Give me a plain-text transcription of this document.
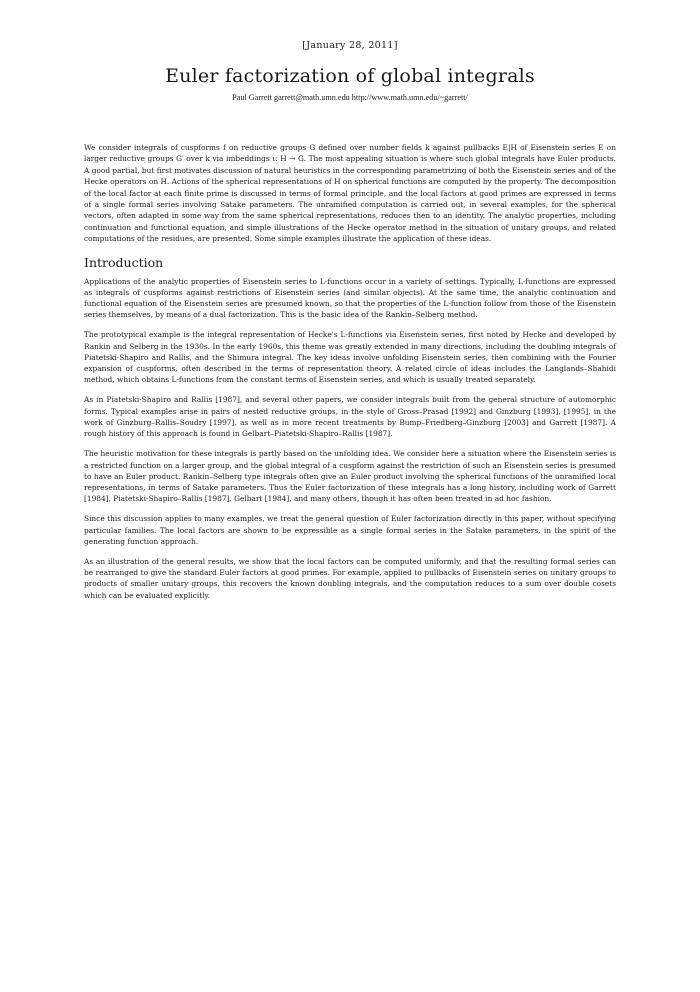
[January 28, 2011]

Euler factorization of global integrals

Paul Garrett garrett@math.umn.edu http://www.math.umn.edu/~garrett/

We consider integrals of cuspforms f on reductive groups G defined over number fields k against pullbacks E|H of Eisenstein series E on larger reductive groups G′ over k via imbeddings ι: H → G. The most appealing situation is where such global integrals have Euler products. A good partial, but first motivates discussion of natural heuristics in the corresponding parametrizing of both the Eisenstein series and of the Hecke operators on H. Actions of the spherical representations of H on spherical functions are computed by the property. The decomposition of the local factor at each finite prime is discussed in terms of formal principle, and the local factors at good primes are expressed in terms of a single formal series involving Satake parameters. The unramified computation is carried out, in several examples, for the spherical vectors, often adapted in some way from the same spherical representations, reduces then to an identity. The analytic properties, including continuation and functional equation, and simple illustrations of the Hecke operator method in the situation of unitary groups, and related computations of the residues, are presented. Some simple examples illustrate the application of these ideas.

Introduction

Applications of the analytic properties of Eisenstein series to L-functions occur in a variety of settings. Typically, L-functions are expressed as integrals of cuspforms against restrictions of Eisenstein series (and similar objects). At the same time, the analytic continuation and functional equation of the Eisenstein series are presumed known, so that the properties of the L-function follow from those of the Eisenstein series themselves, by means of a dual factorization. This is the basic idea of the Rankin–Selberg method.

The prototypical example is the integral representation of Hecke's L-functions via Eisenstein series, first noted by Hecke and developed by Rankin and Selberg in the 1930s. In the early 1960s, this theme was greatly extended in many directions, including the doubling integrals of Piatetski-Shapiro and Rallis, and the Shimura integral. The key ideas involve unfolding Eisenstein series, then combining with the Fourier expansion of cuspforms, often described in the terms of representation theory. A related circle of ideas includes the Langlands–Shahidi method, which obtains L-functions from the constant terms of Eisenstein series, and which is usually treated separately.

As in Piatetski-Shapiro and Rallis [1987], and several other papers, we consider integrals built from the general structure of automorphic forms. Typical examples arise in pairs of nested reductive groups, in the style of Gross–Prasad [1992] and Ginzburg [1993], [1995], in the work of Ginzburg–Rallis–Soudry [1997], as well as in more recent treatments by Bump–Friedberg–Ginzburg [2003] and Garrett [1987]. A rough history of this approach is found in Gelbart–Piatetski-Shapiro–Rallis [1987].

The heuristic motivation for these integrals is partly based on the unfolding idea. We consider here a situation where the Eisenstein series is a restricted function on a larger group, and the global integral of a cuspform against the restriction of such an Eisenstein series is presumed to have an Euler product. Rankin–Selberg type integrals often give an Euler product involving the spherical functions of the unramified local representations, in terms of Satake parameters. Thus the Euler factorization of these integrals has a long history, including work of Garrett [1984], Piatetski-Shapiro–Rallis [1987], Gelbart [1984], and many others, though it has often been treated in ad hoc fashion.

Since this discussion applies to many examples, we treat the general question of Euler factorization directly in this paper, without specifying particular families. The local factors are shown to be expressible as a single formal series in the Satake parameters, in the spirit of the generating function approach.

As an illustration of the general results, we show that the local factors can be computed uniformly, and that the resulting formal series can be rearranged to give the standard Euler factors at good primes. For example, applied to pullbacks of Eisenstein series on unitary groups to products of smaller unitary groups, this recovers the known doubling integrals, and the computation reduces to a sum over double cosets which can be evaluated explicitly.
